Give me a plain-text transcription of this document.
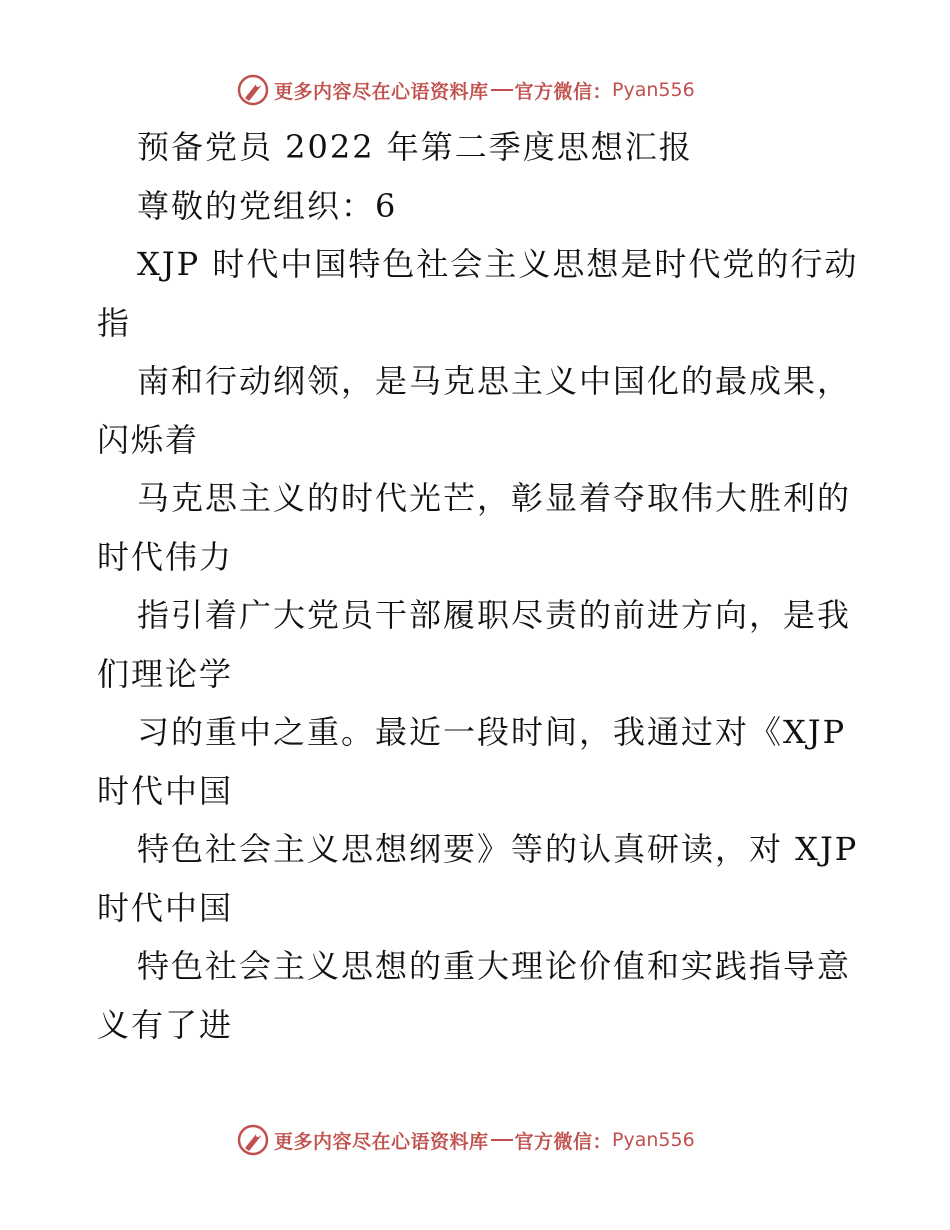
更多内容尽在心语资料库 官方微信： Pyan556
预备党员 2022 年第二季度思想汇报
尊敬的党组织：6
XJP 时代中国特色社会主义思想是时代党的行动
指
南和行动纲领，是马克思主义中国化的最成果，
闪烁着
马克思主义的时代光芒，彰显着夺取伟大胜利的
时代伟力
指引着广大党员干部履职尽责的前进方向，是我
们理论学
习的重中之重。最近一段时间，我通过对《XJP
时代中国
特色社会主义思想纲要》等的认真研读，对 XJP
时代中国
特色社会主义思想的重大理论价值和实践指导意
义有了进
更多内容尽在心语资料库 官方微信： Pyan556
